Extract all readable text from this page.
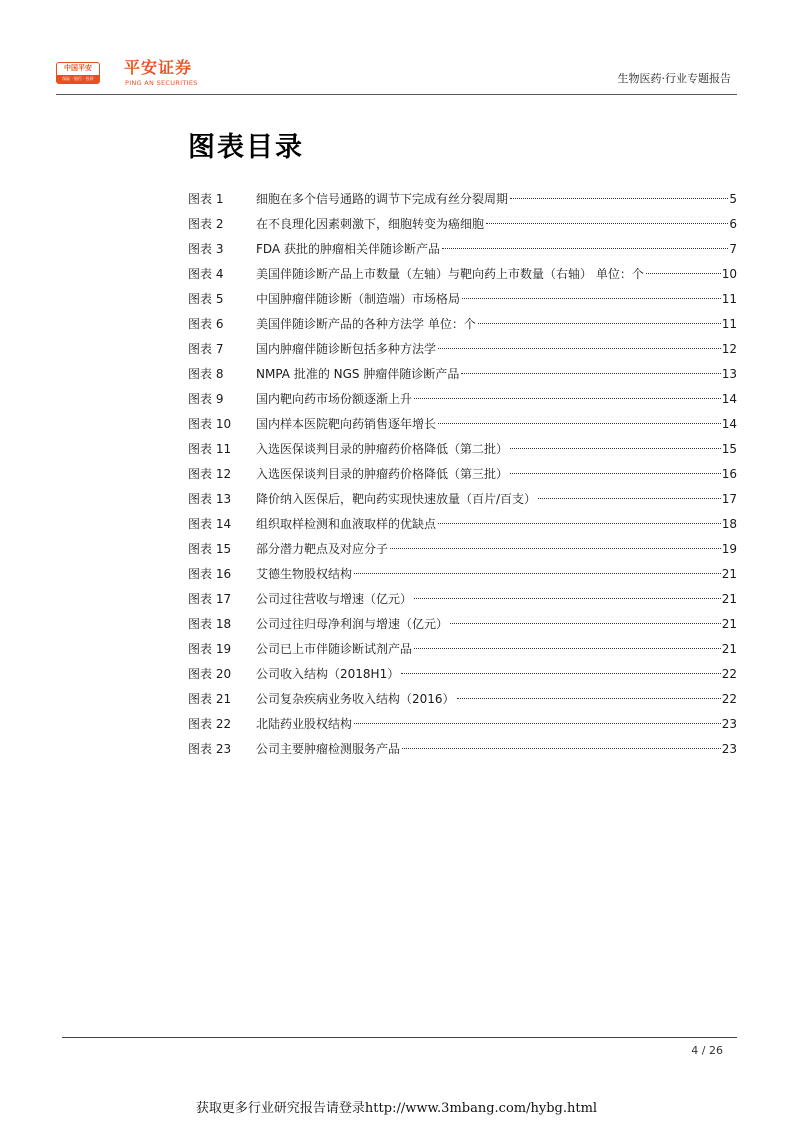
中国平安
保险 · 银行 · 投资
平安证券
PING AN SECURITIES	生物医药·行业专题报告
图表目录
图表 1	细胞在多个信号通路的调节下完成有丝分裂周期	5
图表 2	在不良理化因素刺激下，细胞转变为癌细胞	6
图表 3	FDA 获批的肿瘤相关伴随诊断产品	7
图表 4	美国伴随诊断产品上市数量（左轴）与靶向药上市数量（右轴） 单位：个	10
图表 5	中国肿瘤伴随诊断（制造端）市场格局	11
图表 6	美国伴随诊断产品的各种方法学 单位：个	11
图表 7	国内肿瘤伴随诊断包括多种方法学	12
图表 8	NMPA 批准的 NGS 肿瘤伴随诊断产品	13
图表 9	国内靶向药市场份额逐渐上升	14
图表 10	国内样本医院靶向药销售逐年增长	14
图表 11	入选医保谈判目录的肿瘤药价格降低（第二批）	15
图表 12	入选医保谈判目录的肿瘤药价格降低（第三批）	16
图表 13	降价纳入医保后，靶向药实现快速放量（百片/百支）	17
图表 14	组织取样检测和血液取样的优缺点	18
图表 15	部分潜力靶点及对应分子	19
图表 16	艾德生物股权结构	21
图表 17	公司过往营收与增速（亿元）	21
图表 18	公司过往归母净利润与增速（亿元）	21
图表 19	公司已上市伴随诊断试剂产品	21
图表 20	公司收入结构（2018H1）	22
图表 21	公司复杂疾病业务收入结构（2016）	22
图表 22	北陆药业股权结构	23
图表 23	公司主要肿瘤检测服务产品	23
4 / 26
获取更多行业研究报告请登录http://www.3mbang.com/hybg.html
